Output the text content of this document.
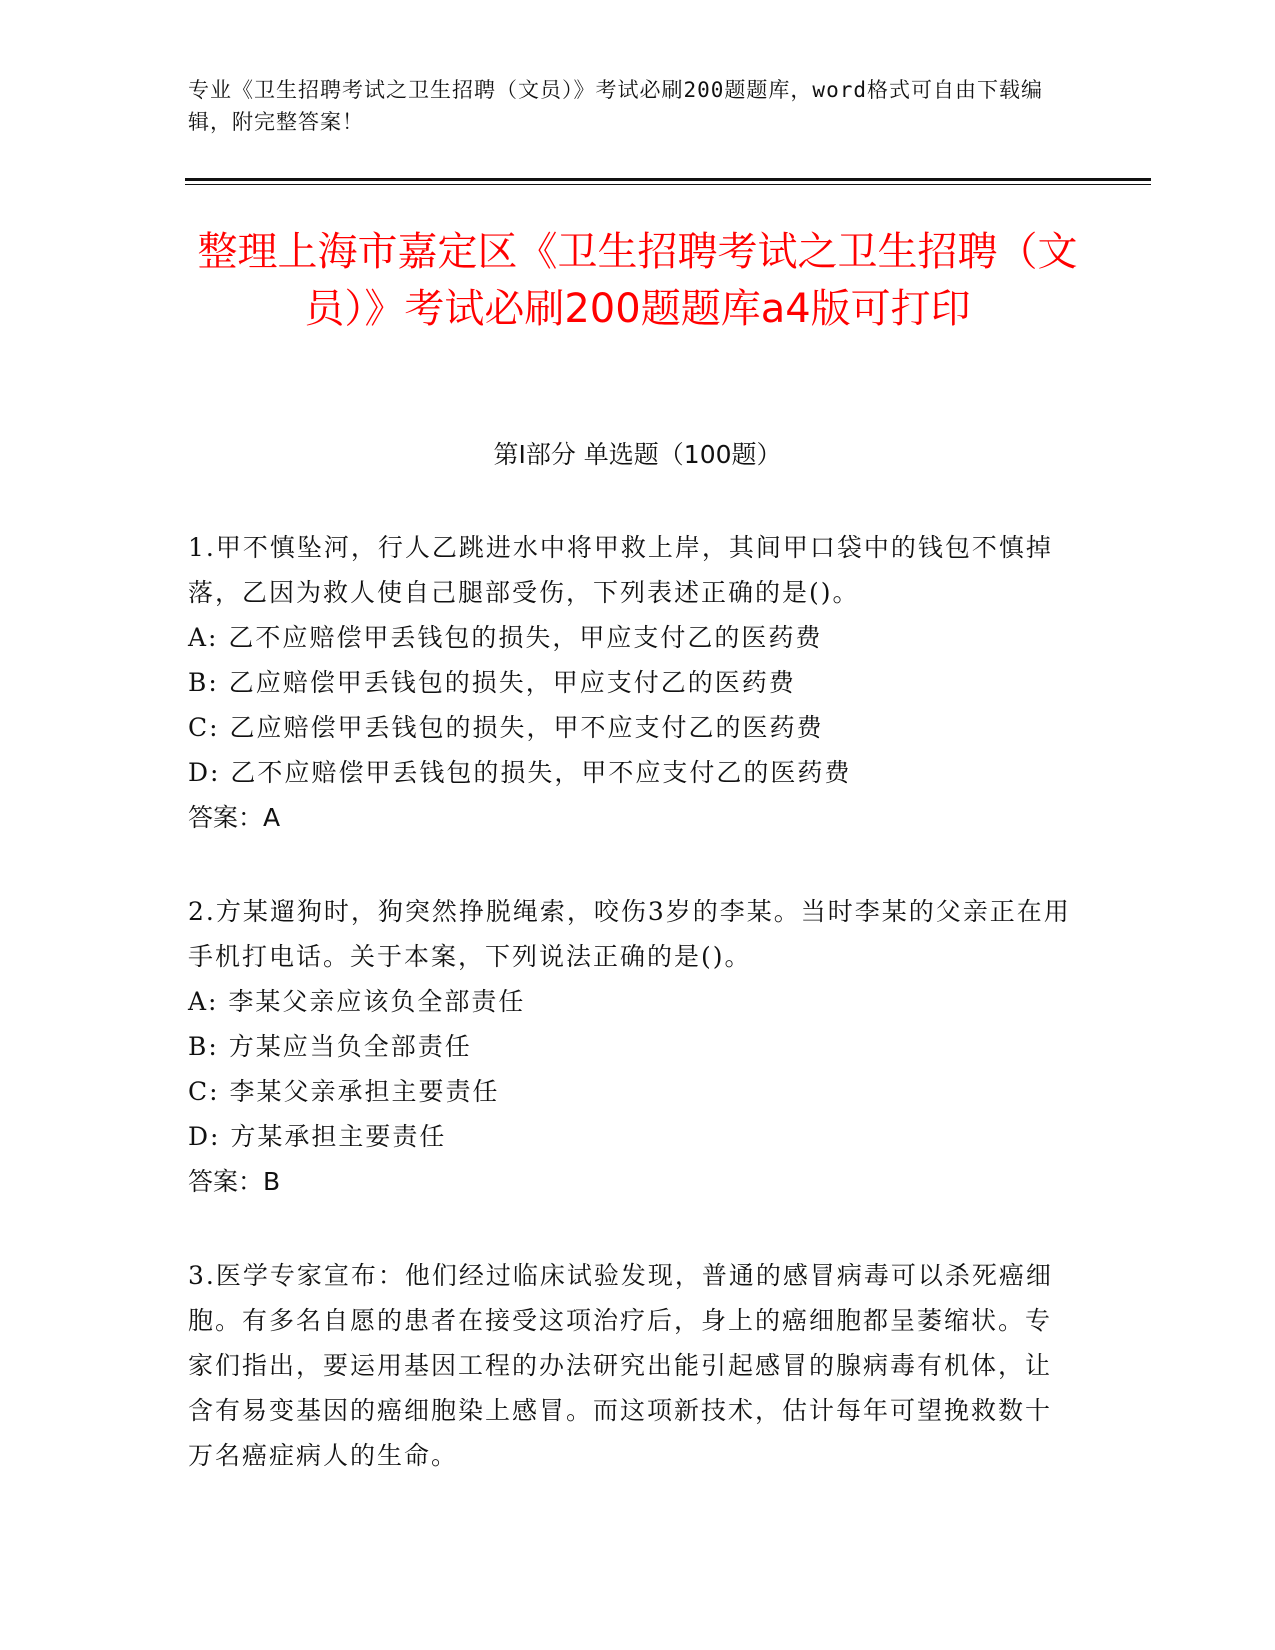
专业《卫生招聘考试之卫生招聘（文员）》考试必刷200题题库，word格式可自由下载编辑，附完整答案！
整理上海市嘉定区《卫生招聘考试之卫生招聘（文员）》考试必刷200题题库a4版可打印
第I部分 单选题（100题）

1.甲不慎坠河，行人乙跳进水中将甲救上岸，其间甲口袋中的钱包不慎掉落，乙因为救人使自己腿部受伤，下列表述正确的是()。

A: 乙不应赔偿甲丢钱包的损失，甲应支付乙的医药费

B: 乙应赔偿甲丢钱包的损失，甲应支付乙的医药费

C: 乙应赔偿甲丢钱包的损失，甲不应支付乙的医药费

D: 乙不应赔偿甲丢钱包的损失，甲不应支付乙的医药费

答案：A

2.方某遛狗时，狗突然挣脱绳索，咬伤3岁的李某。当时李某的父亲正在用手机打电话。关于本案，下列说法正确的是()。

A: 李某父亲应该负全部责任

B: 方某应当负全部责任

C: 李某父亲承担主要责任

D: 方某承担主要责任

答案：B

3.医学专家宣布：他们经过临床试验发现，普通的感冒病毒可以杀死癌细胞。有多名自愿的患者在接受这项治疗后，身上的癌细胞都呈萎缩状。专家们指出，要运用基因工程的办法研究出能引起感冒的腺病毒有机体，让含有易变基因的癌细胞染上感冒。而这项新技术，估计每年可望挽救数十万名癌症病人的生命。
